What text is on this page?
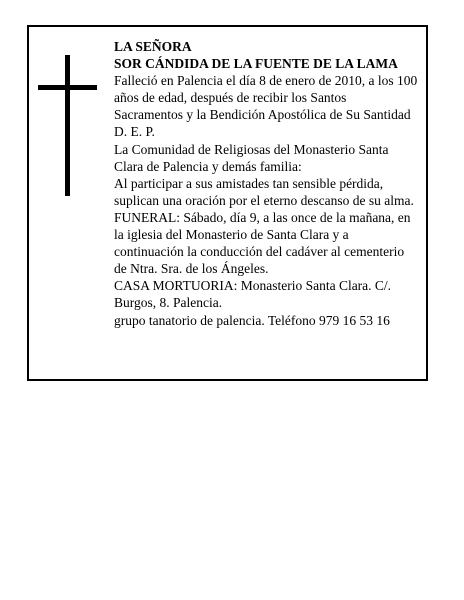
LA SEÑORA
SOR CÁNDIDA DE LA FUENTE DE LA LAMA
Falleció en Palencia el día 8 de enero de 2010, a los 100
años de edad, después de recibir los Santos
Sacramentos y la Bendición Apostólica de Su Santidad
D. E. P.
La Comunidad de Religiosas del Monasterio Santa
Clara de Palencia y demás familia:
Al participar a sus amistades tan sensible pérdida,
suplican una oración por el eterno descanso de su alma.
FUNERAL: Sábado, día 9, a las once de la mañana, en
la iglesia del Monasterio de Santa Clara y a
continuación la conducción del cadáver al cementerio
de Ntra. Sra. de los Ángeles.
CASA MORTUORIA: Monasterio Santa Clara. C/.
Burgos, 8. Palencia.
grupo tanatorio de palencia. Teléfono 979 16 53 16
